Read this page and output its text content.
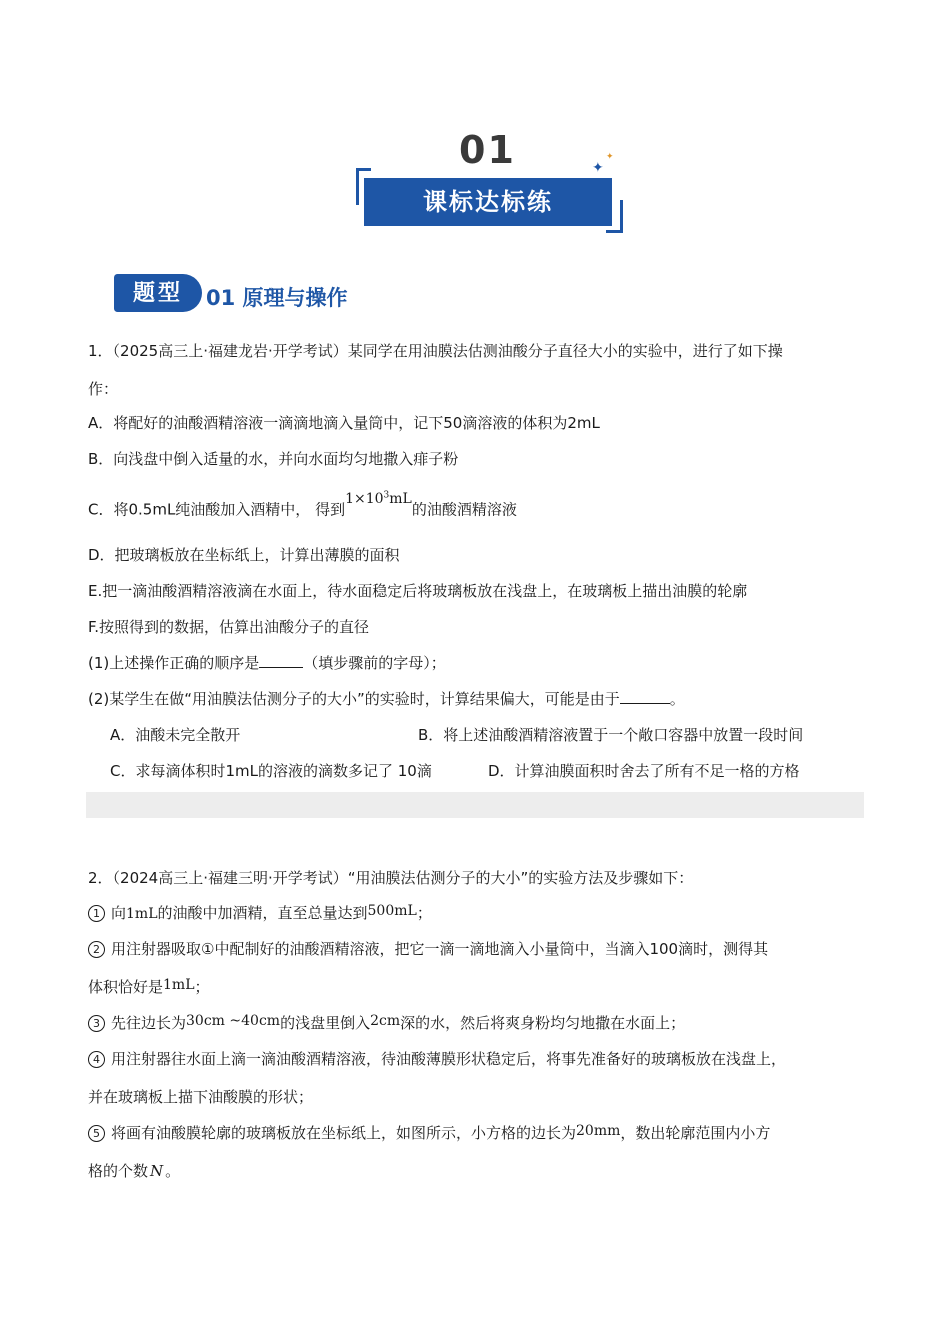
01
课标达标练
✦
✦
题型	01 原理与操作
1．（2025高三上·福建龙岩·开学考试）某同学在用油膜法估测油酸分子直径大小的实验中，进行了如下操
作：
A．将配好的油酸酒精溶液一滴滴地滴入量筒中，记下50滴溶液的体积为2mL
B．向浅盘中倒入适量的水，并向水面均匀地撒入痱子粉
C．将0.5mL纯油酸加入酒精中， 得到$1\times 10^3mL$的油酸酒精溶液
D．把玻璃板放在坐标纸上，计算出薄膜的面积
E.把一滴油酸酒精溶液滴在水面上，待水面稳定后将玻璃板放在浅盘上，在玻璃板上描出油膜的轮廓
F.按照得到的数据，估算出油酸分子的直径
(1)上述操作正确的顺序是	（填步骤前的字母）；
(2)某学生在做“用油膜法估测分子的大小”的实验时，计算结果偏大，可能是由于	。
A．油酸未完全散开	B．将上述油酸酒精溶液置于一个敞口容器中放置一段时间
C．求每滴体积时1mL的溶液的滴数多记了 10滴	D．计算油膜面积时舍去了所有不足一格的方格
2．（2024高三上·福建三明·开学考试）“用油膜法估测分子的大小”的实验方法及步骤如下：
1 向1mL的油酸中加酒精，直至总量达到500mL；
2 用注射器吸取①中配制好的油酸酒精溶液，把它一滴一滴地滴入小量筒中，当滴入100滴时，测得其
体积恰好是1mL；
3 先往边长为30cm ~40cm的浅盘里倒入2cm深的水，然后将爽身粉均匀地撒在水面上；
4 用注射器往水面上滴一滴油酸酒精溶液，待油酸薄膜形状稳定后，将事先准备好的玻璃板放在浅盘上，
并在玻璃板上描下油酸膜的形状；
5 将画有油酸膜轮廓的玻璃板放在坐标纸上，如图所示，小方格的边长为20mm，数出轮廓范围内小方
格的个数 N 。
